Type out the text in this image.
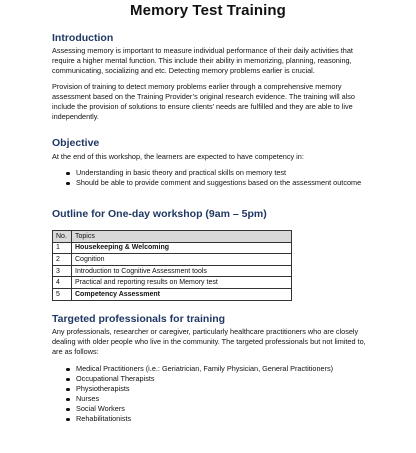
Memory Test Training
Introduction

Assessing memory is important to measure individual performance of their daily activities that require a higher mental function. This include their ability in memorizing, planning, reasoning, communicating, socializing and etc. Detecting memory problems earlier is crucial.

Provision of training to detect memory problems earlier through a comprehensive memory assessment based on the Training Provider’s original research evidence. The training will also include the provision of solutions to ensure clients’ needs are fulfilled and they are able to live independently.

Objective

At the end of this workshop, the learners are expected to have competency in:

Understanding in basic theory and practical skills on memory test
Should be able to provide comment and suggestions based on the assessment outcome
Outline for One-day workshop (9am – 5pm)
No.	Topics
1	Housekeeping & Welcoming
2	Cognition
3	Introduction to Cognitive Assessment tools
4	Practical and reporting results on Memory test
5	Competency Assessment
Targeted professionals for training

Any professionals, researcher or caregiver, particularly healthcare practitioners who are closely dealing with older people who live in the community. The targeted professionals but not limited to, are as follows:

Medical Practitioners (i.e.: Geriatrician, Family Physician, General Practitioners)
Occupational Therapists
Physiotherapists
Nurses
Social Workers
Rehabilitationists
